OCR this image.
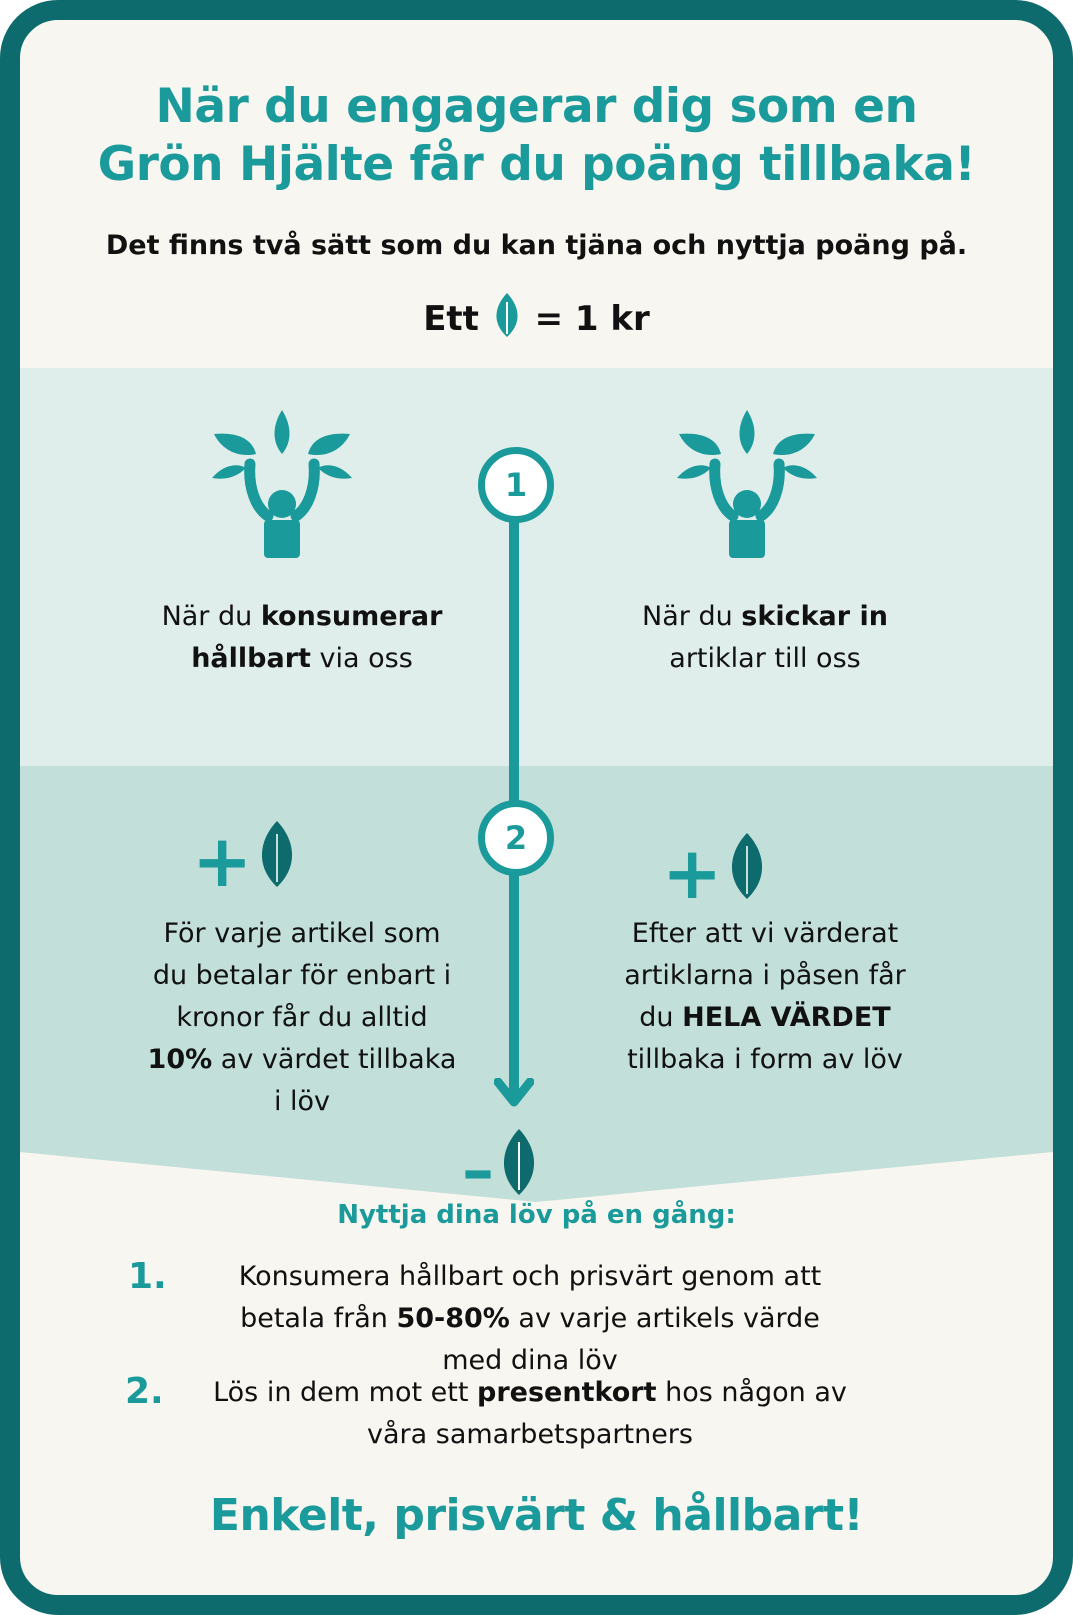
När du engagerar dig som en
Grön Hjälte får du poäng tillbaka!
Det finns två sätt som du kan tjäna och nyttja poäng på.
Ett = 1 kr
1
2
När du konsumerar
hållbart via oss
När du skickar in
artiklar till oss
+	+
För varje artikel som
du betalar för enbart i
kronor får du alltid
10% av värdet tillbaka
i löv
Efter att vi värderat
artiklarna i påsen får
du HELA VÄRDET
tillbaka i form av löv
–
Nyttja dina löv på en gång:
1.	Konsumera hållbart och prisvärt genom att
betala från 50-80% av varje artikels värde
med dina löv
2.	Lös in dem mot ett presentkort hos någon av
våra samarbetspartners
Enkelt, prisvärt & hållbart!
